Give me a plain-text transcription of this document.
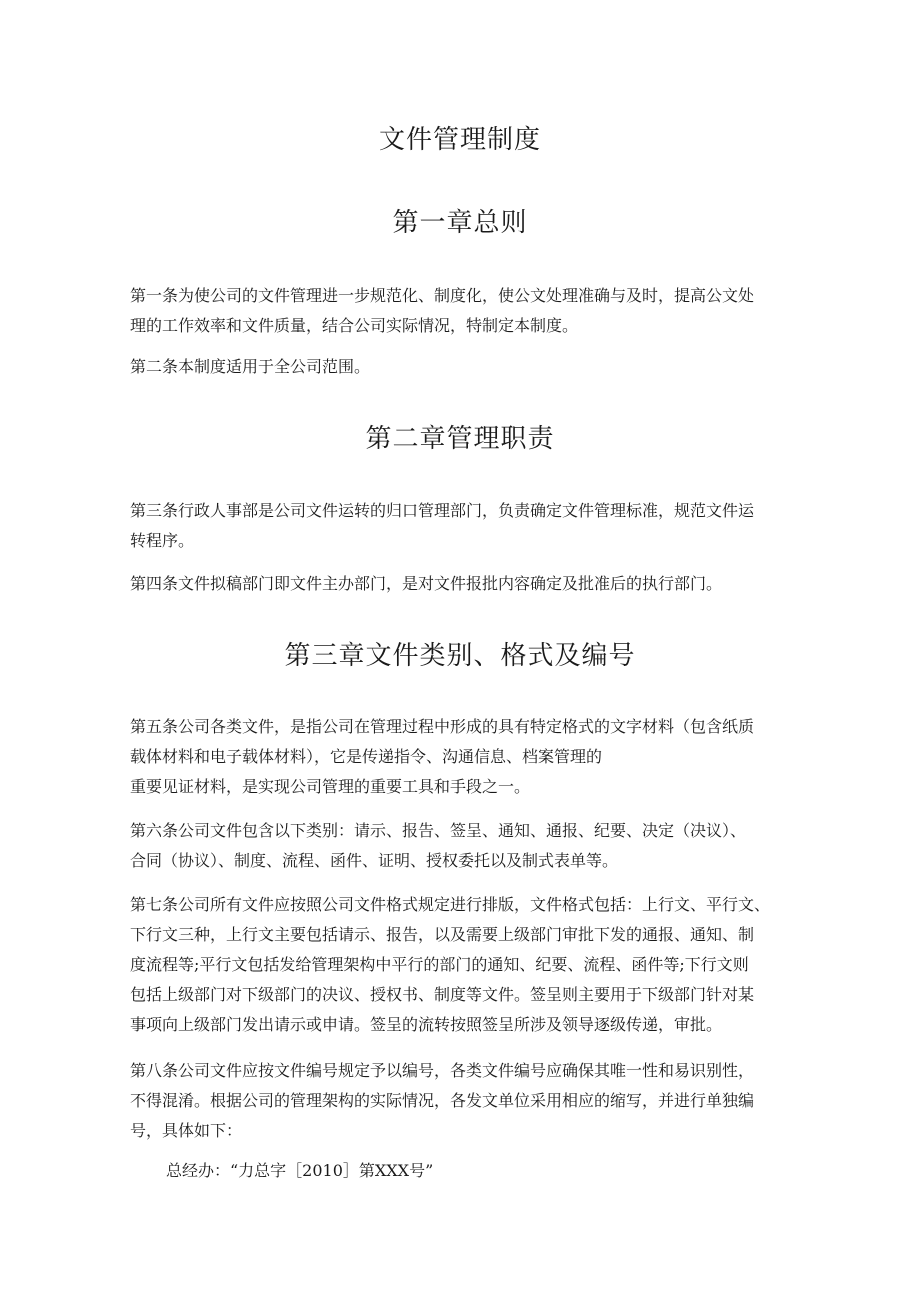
文件管理制度
第一章总则
第一条为使公司的文件管理进一步规范化、制度化，使公文处理准确与及时，提高公文处
理的工作效率和文件质量，结合公司实际情况，特制定本制度。
第二条本制度适用于全公司范围。
第二章管理职责
第三条行政人事部是公司文件运转的归口管理部门，负责确定文件管理标准，规范文件运
转程序。
第四条文件拟稿部门即文件主办部门，是对文件报批内容确定及批准后的执行部门。
第三章文件类别、格式及编号
第五条公司各类文件，是指公司在管理过程中形成的具有特定格式的文字材料（包含纸质
载体材料和电子载体材料），它是传递指令、沟通信息、档案管理的
重要见证材料，是实现公司管理的重要工具和手段之一。
第六条公司文件包含以下类别：请示、报告、签呈、通知、通报、纪要、决定（决议）、
合同（协议）、制度、流程、函件、证明、授权委托以及制式表单等。
第七条公司所有文件应按照公司文件格式规定进行排版，文件格式包括：上行文、平行文、
下行文三种，上行文主要包括请示、报告，以及需要上级部门审批下发的通报、通知、制
度流程等;平行文包括发给管理架构中平行的部门的通知、纪要、流程、函件等;下行文则
包括上级部门对下级部门的决议、授权书、制度等文件。签呈则主要用于下级部门针对某
事项向上级部门发出请示或申请。签呈的流转按照签呈所涉及领导逐级传递，审批。
第八条公司文件应按文件编号规定予以编号，各类文件编号应确保其唯一性和易识别性，
不得混淆。根据公司的管理架构的实际情况，各发文单位采用相应的缩写，并进行单独编
号，具体如下：
总经办：“力总字［2010］第XXX号”
